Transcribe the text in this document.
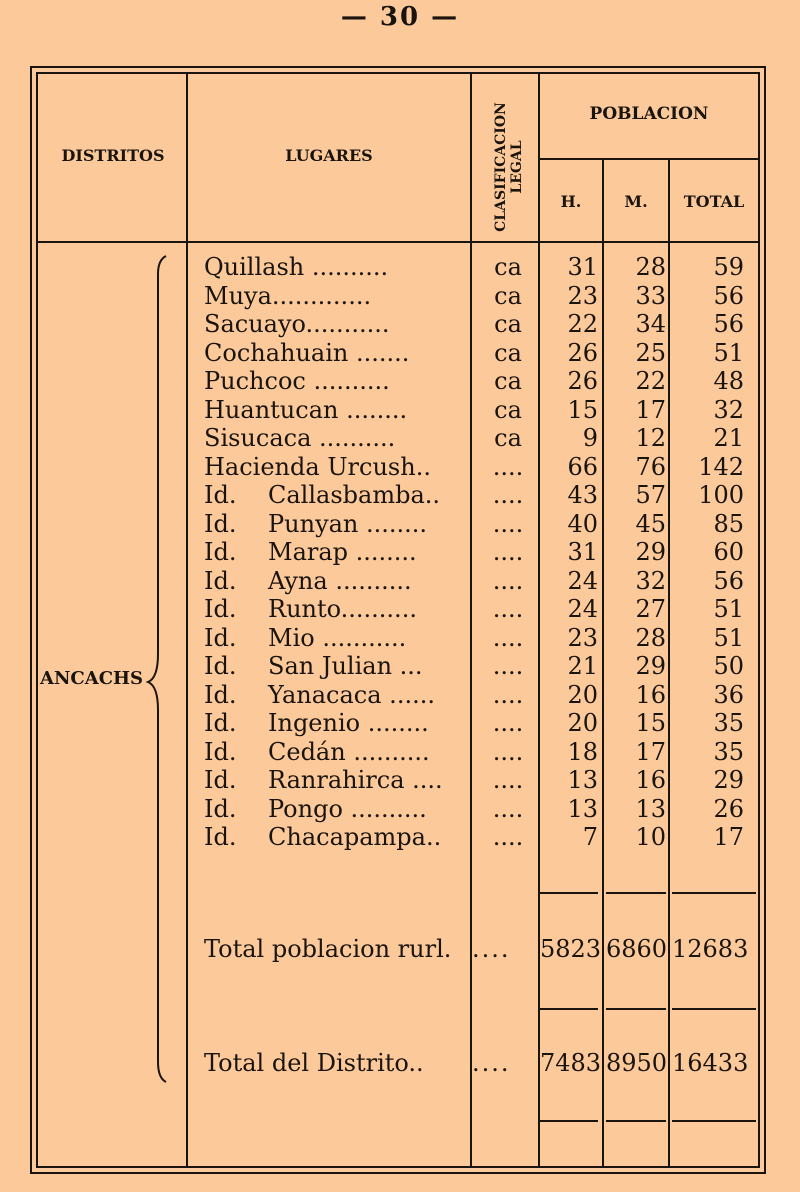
— 30 —
DISTRITOS	LUGARES	CLASIFICACION LEGAL
POBLACION
H.	M.	TOTAL
ANCACHS
Quillash ..........	ca	31	28	59
Muya.............	ca	23	33	56
Sacuayo...........	ca	22	34	56
Cochahuain .......	ca	26	25	51
Puchcoc ..........	ca	26	22	48
Huantucan ........	ca	15	17	32
Sisucaca ..........	ca	9	12	21
Hacienda Urcush..	....	66	76	142
Id. Callasbamba..	....	43	57	100
Id. Punyan ........	....	40	45	85
Id. Marap ........	....	31	29	60
Id. Ayna ..........	....	24	32	56
Id. Runto..........	....	24	27	51
Id. Mio ...........	....	23	28	51
Id. San Julian ...	....	21	29	50
Id. Yanacaca ......	....	20	16	36
Id. Ingenio ........	....	20	15	35
Id. Cedán ..........	....	18	17	35
Id. Ranrahirca ....	....	13	16	29
Id. Pongo ..........	....	13	13	26
Id. Chacapampa..	....	7	10	17
Total poblacion rurl. ....	5823 6860 12683
Total del Distrito.. ....	7483 8950 16433
